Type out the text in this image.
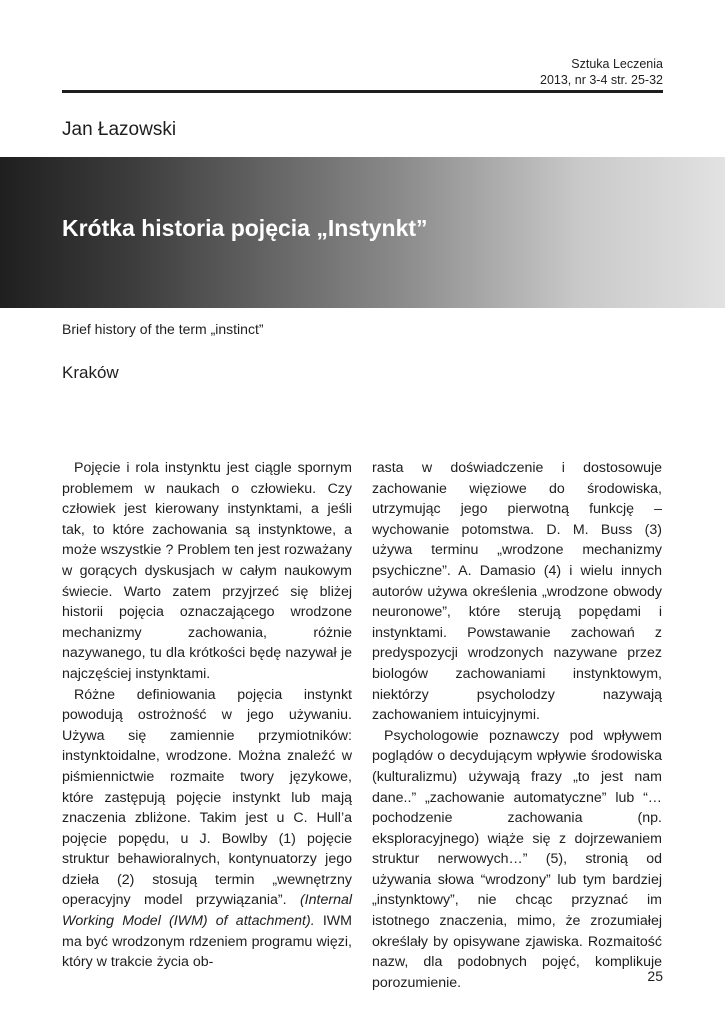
Sztuka Leczenia
2013, nr 3-4 str. 25-32
Jan Łazowski
Krótka historia pojęcia „Instynkt”
Brief history of the term „instinct”
Kraków

Pojęcie i rola instynktu jest ciągle spornym problemem w naukach o człowieku. Czy człowiek jest kierowany instynktami, a jeśli tak, to które zachowania są instynktowe, a może wszystkie ? Problem ten jest rozważany w gorących dyskusjach w całym naukowym świecie. Warto zatem przyjrzeć się bliżej historii pojęcia oznaczającego wrodzone mechanizmy zachowania, różnie nazywanego, tu dla krótkości będę nazywał je najczęściej instynktami.

Różne definiowania pojęcia instynkt powodują ostrożność w jego używaniu. Używa się zamiennie przymiotników: instynktoidalne, wrodzone. Można znaleźć w piśmiennictwie rozmaite twory językowe, które zastępują pojęcie instynkt lub mają znaczenia zbliżone. Takim jest u C. Hull’a pojęcie popędu, u J. Bowlby (1) pojęcie struktur behawioralnych, kontynuatorzy jego dzieła (2) stosują termin „wewnętrzny operacyjny model przywiązania”. (Internal Working Model (IWM) of attachment). IWM ma być wrodzonym rdzeniem programu więzi, który w trakcie życia ob-

rasta w doświadczenie i dostosowuje zachowanie więziowe do środowiska, utrzymując jego pierwotną funkcję – wychowanie potomstwa. D. M. Buss (3) używa terminu „wrodzone mechanizmy psychiczne”. A. Damasio (4) i wielu innych autorów używa określenia „wrodzone obwody neuronowe”, które sterują popędami i instynktami. Powstawanie zachowań z predyspozycji wrodzonych nazywane przez biologów zachowaniami instynktowym, niektórzy psycholodzy nazywają zachowaniem intuicyjnymi.

Psychologowie poznawczy pod wpływem poglądów o decydującym wpływie środowiska (kulturalizmu) używają frazy „to jest nam dane..” „zachowanie automatyczne” lub “…pochodzenie zachowania (np. eksploracyjnego) wiąże się z dojrzewaniem struktur nerwowych…” (5), stronią od używania słowa “wrodzony” lub tym bardziej „instynktowy”, nie chcąc przyznać im istotnego znaczenia, mimo, że zrozumiałej określały by opisywane zjawiska. Rozmaitość nazw, dla podobnych pojęć, komplikuje porozumienie.	25
